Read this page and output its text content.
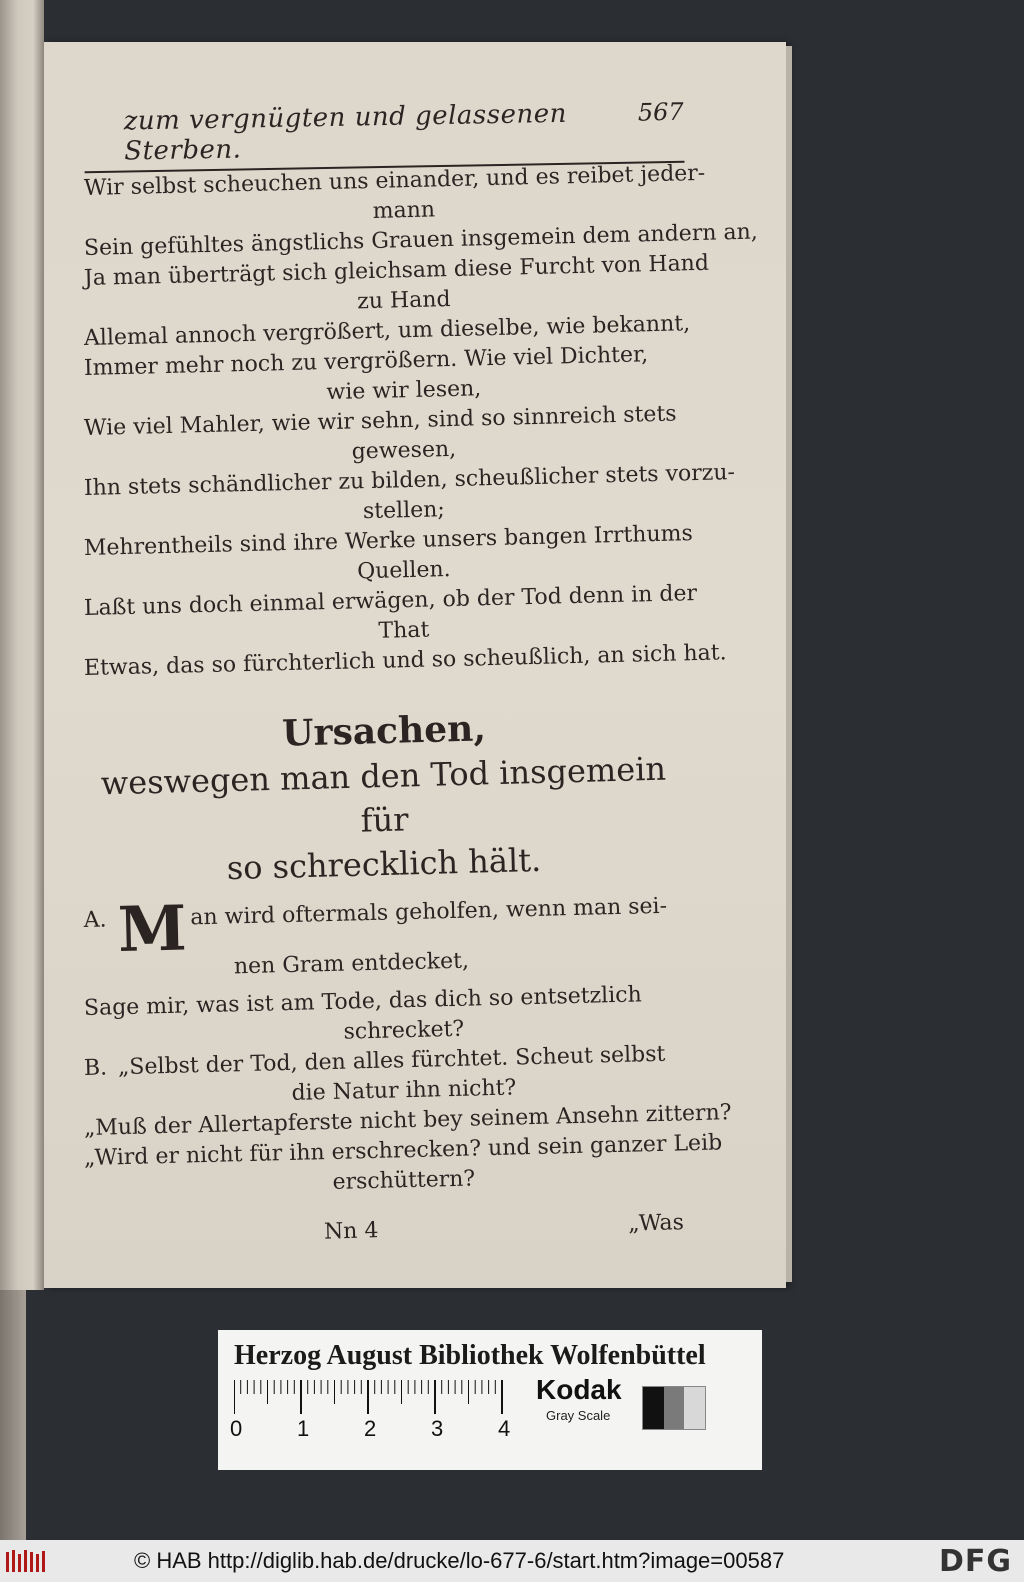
zum vergnügten und gelassenen Sterben.
567
Wir selbst scheuchen uns einander, und es reibet jeder-
mann
Sein gefühltes ängstlichs Grauen insgemein dem andern an,
Ja man überträgt sich gleichsam diese Furcht von Hand
zu Hand
Allemal annoch vergrößert, um dieselbe, wie bekannt,
Immer mehr noch zu vergrößern. Wie viel Dichter,
wie wir lesen,
Wie viel Mahler, wie wir sehn, sind so sinnreich stets
gewesen,
Ihn stets schändlicher zu bilden, scheußlicher stets vorzu-
stellen;
Mehrentheils sind ihre Werke unsers bangen Irrthums
Quellen.
Laßt uns doch einmal erwägen, ob der Tod denn in der
That
Etwas, das so fürchterlich und so scheußlich, an sich hat.
Ursachen,
weswegen man den Tod insgemein für
so schrecklich hält.
A. M an wird oftermals geholfen, wenn man sei-
nen Gram entdecket,
Sage mir, was ist am Tode, das dich so entsetzlich
schrecket?
B. „Selbst der Tod, den alles fürchtet. Scheut selbst
die Natur ihn nicht?
„Muß der Allertapferste nicht bey seinem Ansehn zittern?
„Wird er nicht für ihn erschrecken? und sein ganzer Leib
erschüttern?
Nn 4	„Was
Herzog August Bibliothek Wolfenbüttel
0 1 2 3 4
Kodak
Gray Scale
© HAB http://diglib.hab.de/drucke/lo-677-6/start.htm?image=00587	DFG
